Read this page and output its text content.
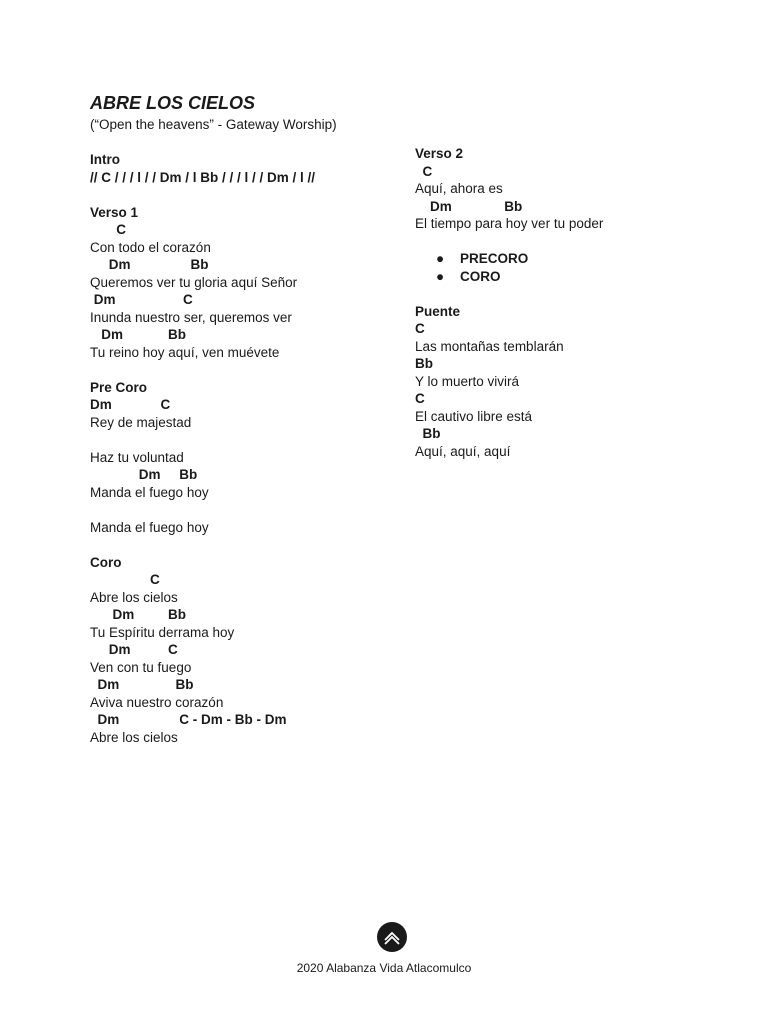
ABRE LOS CIELOS
(“Open the heavens” - Gateway Worship)
Intro
// C / / / l / / Dm / l Bb / / / l / / Dm / l //
Verso 1
C
Con todo el corazón
Dm                Bb
Queremos ver tu gloria aquí Señor
Dm                  C
Inunda nuestro ser, queremos ver
Dm            Bb
Tu reino hoy aquí, ven muévete
Pre Coro
Dm             C
Rey de majestad
Haz tu voluntad
Dm     Bb
Manda el fuego hoy
Manda el fuego hoy
Coro
C
Abre los cielos
Dm         Bb
Tu Espíritu derrama hoy
Dm          C
Ven con tu fuego
Dm               Bb
Aviva nuestro corazón
Dm                C - Dm - Bb - Dm
Abre los cielos
Verso 2
C
Aquí, ahora es
Dm              Bb
El tiempo para hoy ver tu poder
● PRECORO
● CORO
Puente
C
Las montañas temblarán
Bb
Y lo muerto vivirá
C
El cautivo libre está
Bb
Aquí, aquí, aquí
2020 Alabanza Vida Atlacomulco
